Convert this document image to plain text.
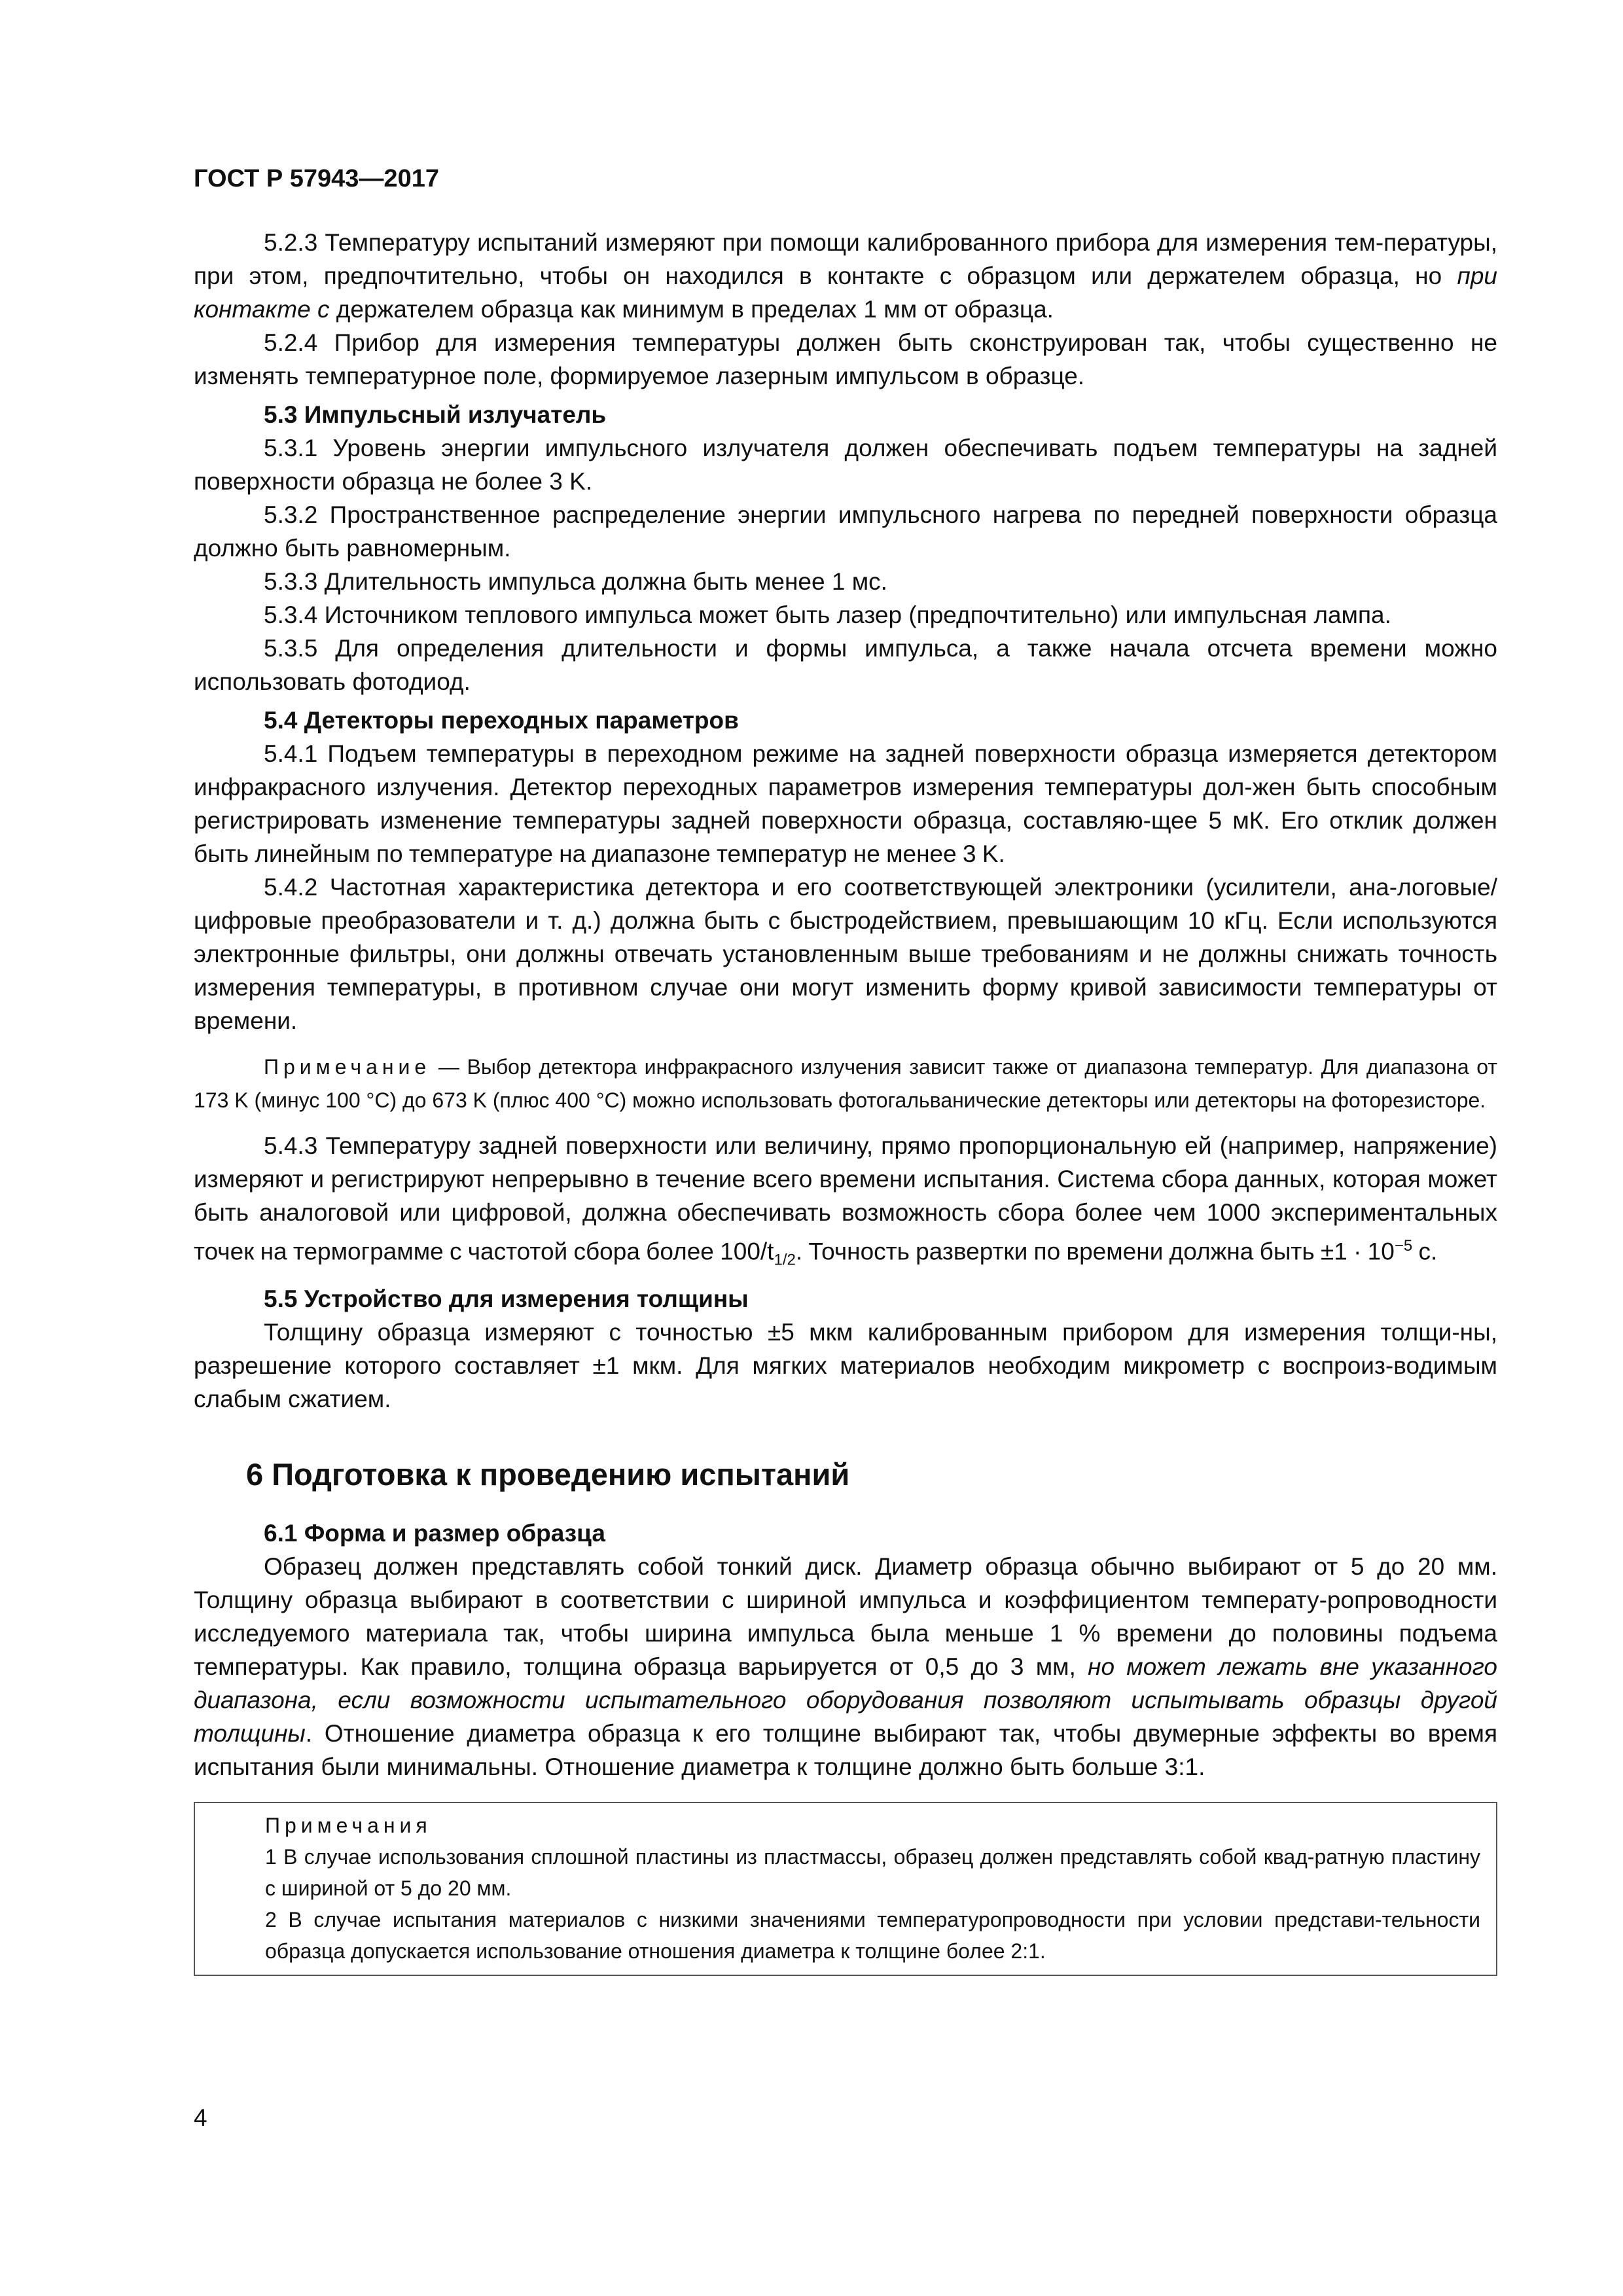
ГОСТ Р 57943—2017

5.2.3 Температуру испытаний измеряют при помощи калиброванного прибора для измерения тем-пературы, при этом, предпочтительно, чтобы он находился в контакте с образцом или держателем образца, но при контакте с держателем образца как минимум в пределах 1 мм от образца.

5.2.4 Прибор для измерения температуры должен быть сконструирован так, чтобы существенно не изменять температурное поле, формируемое лазерным импульсом в образце.

5.3 Импульсный излучатель

5.3.1 Уровень энергии импульсного излучателя должен обеспечивать подъем температуры на задней поверхности образца не более 3 K.

5.3.2 Пространственное распределение энергии импульсного нагрева по передней поверхности образца должно быть равномерным.

5.3.3 Длительность импульса должна быть менее 1 мс.

5.3.4 Источником теплового импульса может быть лазер (предпочтительно) или импульсная лампа.

5.3.5 Для определения длительности и формы импульса, а также начала отсчета времени можно использовать фотодиод.

5.4 Детекторы переходных параметров

5.4.1 Подъем температуры в переходном режиме на задней поверхности образца измеряется детектором инфракрасного излучения. Детектор переходных параметров измерения температуры дол-жен быть способным регистрировать изменение температуры задней поверхности образца, составляю-щее 5 мК. Его отклик должен быть линейным по температуре на диапазоне температур не менее 3 K.

5.4.2 Частотная характеристика детектора и его соответствующей электроники (усилители, ана-логовые/цифровые преобразователи и т. д.) должна быть с быстродействием, превышающим 10 кГц. Если используются электронные фильтры, они должны отвечать установленным выше требованиям и не должны снижать точность измерения температуры, в противном случае они могут изменить форму кривой зависимости температуры от времени.

Примечание — Выбор детектора инфракрасного излучения зависит также от диапазона температур. Для диапазона от 173 K (минус 100 °C) до 673 K (плюс 400 °C) можно использовать фотогальванические детекторы или детекторы на фоторезисторе.

5.4.3 Температуру задней поверхности или величину, прямо пропорциональную ей (например, напряжение) измеряют и регистрируют непрерывно в течение всего времени испытания. Система сбора данных, которая может быть аналоговой или цифровой, должна обеспечивать возможность сбора более чем 1000 экспериментальных точек на термограмме с частотой сбора более $100/t_{1/2}$. Точность развертки по времени должна быть $\pm 1 \cdot 10^{-5}$ с.

5.5 Устройство для измерения толщины

Толщину образца измеряют с точностью ±5 мкм калиброванным прибором для измерения толщи-ны, разрешение которого составляет ±1 мкм. Для мягких материалов необходим микрометр с воспроиз-водимым слабым сжатием.

6 Подготовка к проведению испытаний
6.1 Форма и размер образца

Образец должен представлять собой тонкий диск. Диаметр образца обычно выбирают от 5 до 20 мм. Толщину образца выбирают в соответствии с шириной импульса и коэффициентом температу-ропроводности исследуемого материала так, чтобы ширина импульса была меньше 1 % времени до половины подъема температуры. Как правило, толщина образца варьируется от 0,5 до 3 мм, но может лежать вне указанного диапазона, если возможности испытательного оборудования позволяют испытывать образцы другой толщины. Отношение диаметра образца к его толщине выбирают так, чтобы двумерные эффекты во время испытания были минимальны. Отношение диаметра к толщине должно быть больше 3:1.

Примечания
1 В случае использования сплошной пластины из пластмассы, образец должен представлять собой квад-ратную пластину с шириной от 5 до 20 мм.
2 В случае испытания материалов с низкими значениями температуропроводности при условии представи-тельности образца допускается использование отношения диаметра к толщине более 2:1.
4
